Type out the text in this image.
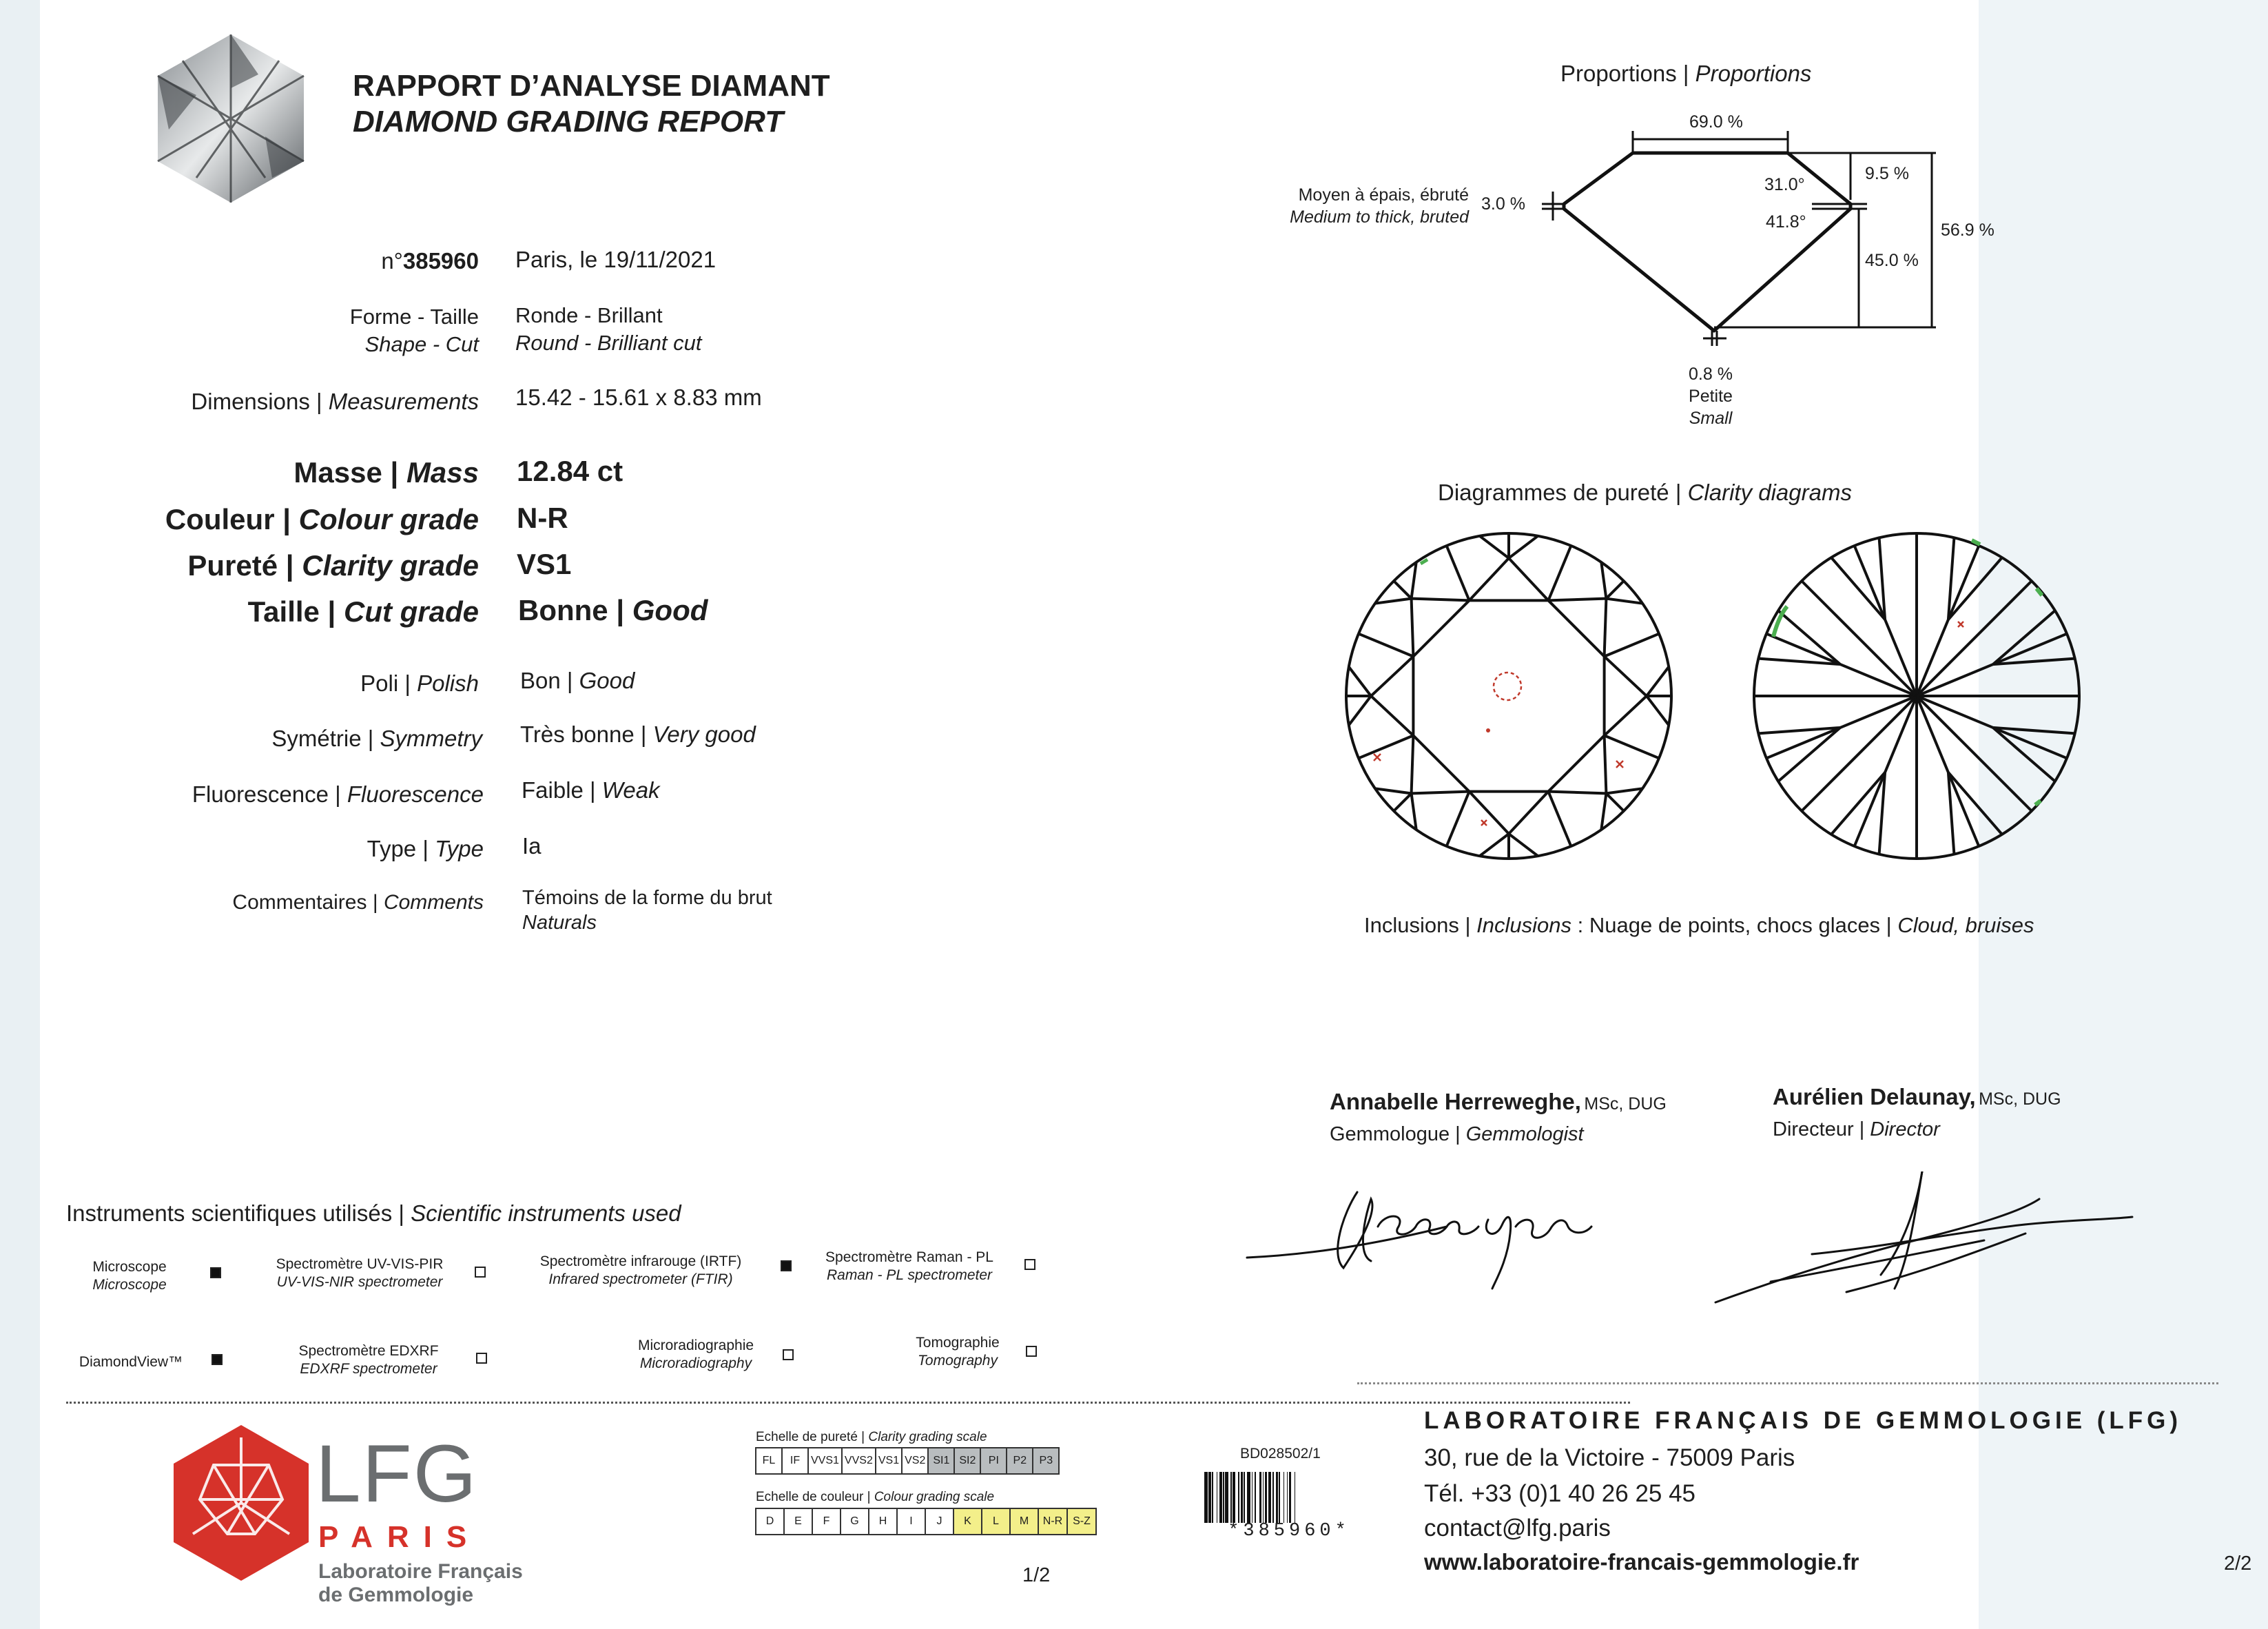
RAPPORT D’ANALYSE DIAMANT
DIAMOND GRADING REPORT
n°385960 Paris, le 19/11/2021
Forme - Taille
Shape - Cut
Ronde - Brillant
Round - Brilliant cut
Dimensions | Measurements 15.42 - 15.61 x 8.83 mm
Masse | Mass 12.84 ct
Couleur | Colour grade N-R
Pureté | Clarity grade VS1
Taille | Cut grade Bonne | Good
Poli | Polish Bon | Good
Symétrie | Symmetry Très bonne | Very good
Fluorescence | Fluorescence Faible | Weak
Type | Type Ia
Commentaires | Comments Témoins de la forme du brut
Naturals
Proportions | Proportions
69.0 %
9.5 %
31.0°
41.8°	56.9 %
45.0 %
3.0 %
Moyen à épais, ébruté
Medium to thick, bruted
0.8 %
Petite
Small
Diagrammes de pureté | Clarity diagrams
Inclusions | Inclusions : Nuage de points, chocs glaces | Cloud, bruises
Annabelle Herreweghe, MSc, DUG
Gemmologue | Gemmologist
Aurélien Delaunay, MSc, DUG
Directeur | Director
Instruments scientifiques utilisés | Scientific instruments used
Microscope
Microscope
Spectromètre UV-VIS-PIR
UV-VIS-NIR spectrometer
Spectromètre infrarouge (IRTF)
Infrared spectrometer (FTIR)
Spectromètre Raman - PL
Raman - PL spectrometer
DiamondView™
Spectromètre EDXRF
EDXRF spectrometer
Microradiographie
Microradiography
Tomographie
Tomography
LFG
PARIS
Laboratoire Français
de Gemmologie
Echelle de pureté | Clarity grading scale
FL	IF	VVS1	VVS2	VS1	VS2	SI1	SI2	PI	P2	P3
Echelle de couleur | Colour grading scale
D	E	F	G	H	I	J	K	L	M	N-R	S-Z
1/2
2/2
BD028502/1
*385960*
LABORATOIRE FRANÇAIS DE GEMMOLOGIE (LFG)
30, rue de la Victoire - 75009 Paris
Tél. +33 (0)1 40 26 25 45
contact@lfg.paris
www.laboratoire-francais-gemmologie.fr
